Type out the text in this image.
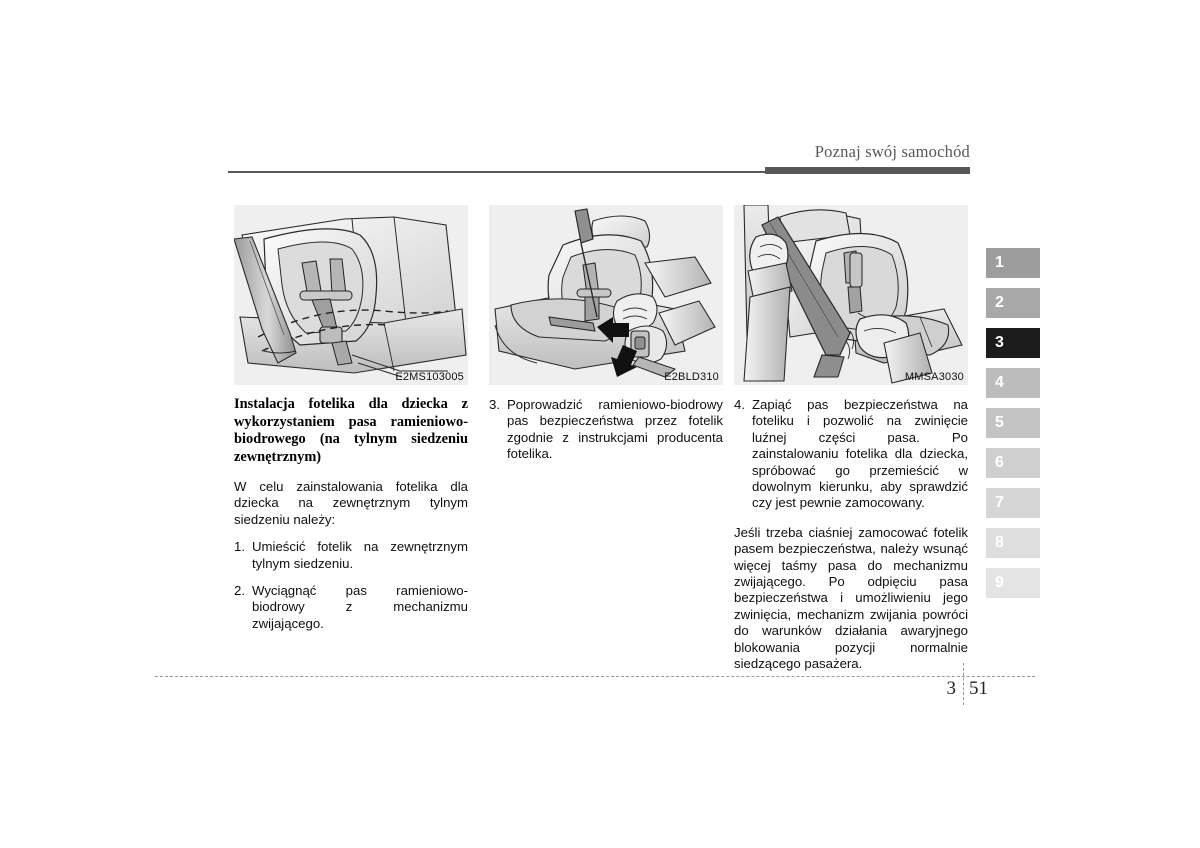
Poznaj swój samochód
E2MS103005
Instalacja fotelika dla dziecka z wykorzystaniem pasa ramieniowo-biodrowego (na tylnym siedzeniu zewnętrznym)
W celu zainstalowania fotelika dla dziecka na zewnętrznym tylnym siedzeniu należy:
1. Umieścić fotelik na zewnętrznym tylnym siedzeniu.
2. Wyciągnąć pas ramieniowo-biodrowy z mechanizmu zwijającego.
E2BLD310
3. Poprowadzić ramieniowo-biodrowy pas bezpieczeństwa przez fotelik zgodnie z instrukcjami producenta fotelika.
MMSA3030
4. Zapiąć pas bezpieczeństwa na foteliku i pozwolić na zwinięcie luźnej części pasa. Po zainstalowaniu fotelika dla dziecka, spróbować go przemieścić w dowolnym kierunku, aby sprawdzić czy jest pewnie zamocowany.
Jeśli trzeba ciaśniej zamocować fotelik pasem bezpieczeństwa, należy wsunąć więcej taśmy pasa do mechanizmu zwijającego. Po odpięciu pasa bezpieczeństwa i umożliwieniu jego zwinięcia, mechanizm zwijania powróci do warunków działania awaryjnego blokowania pozycji normalnie siedzącego pasażera.
1
2
3
4
5
6
7
8
9
3 51
